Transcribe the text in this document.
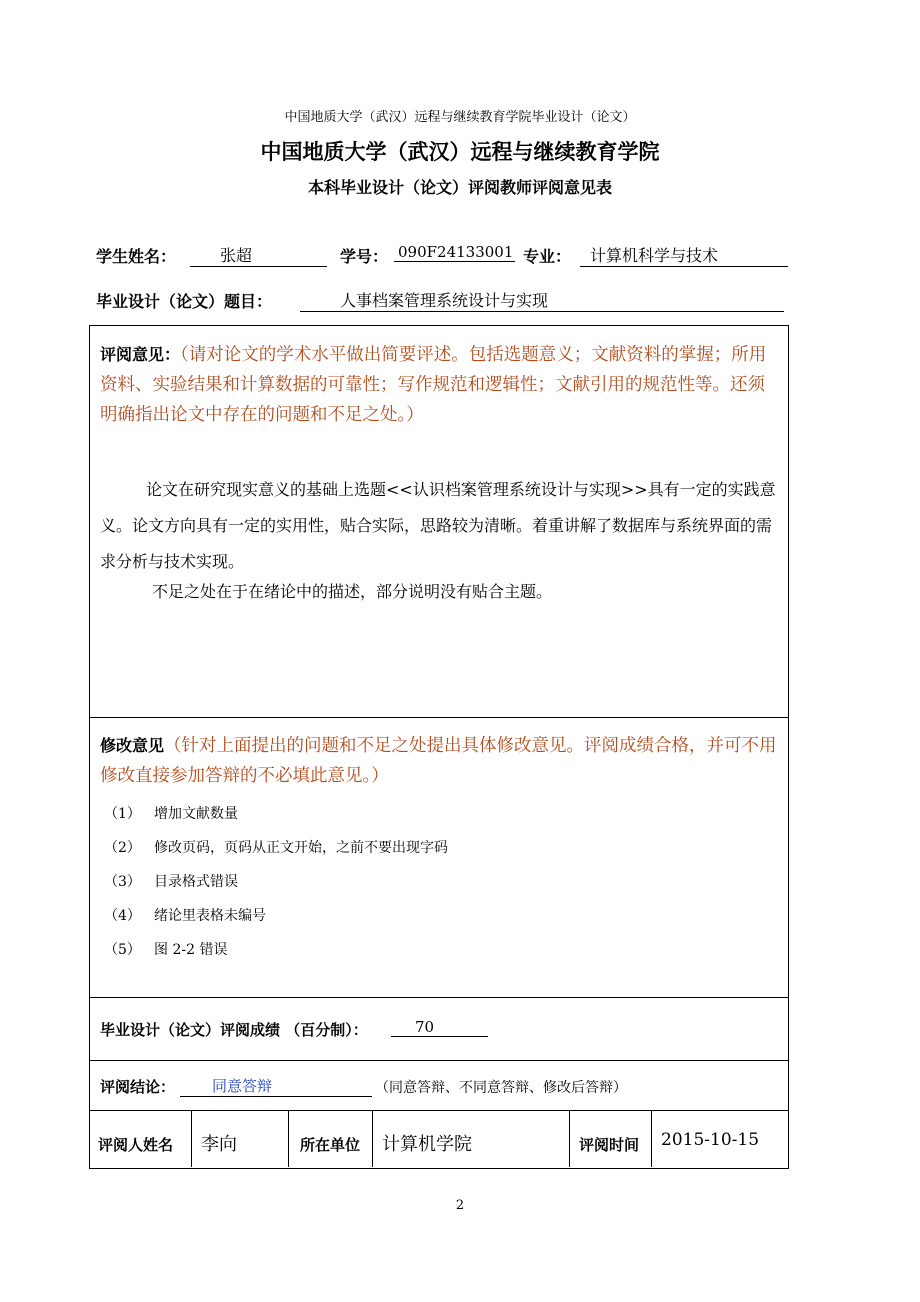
中国地质大学（武汉）远程与继续教育学院毕业设计（论文）
中国地质大学（武汉）远程与继续教育学院
本科毕业设计（论文）评阅教师评阅意见表
学生姓名：	张超	学号： 090F24133001 专业：	计算机科学与技术
毕业设计（论文）题目：	人事档案管理系统设计与实现
评阅意见：（请对论文的学术水平做出简要评述。包括选题意义；文献资料的掌握；所用资料、实验结果和计算数据的可靠性；写作规范和逻辑性；文献引用的规范性等。还须明确指出论文中存在的问题和不足之处。）
论文在研究现实意义的基础上选题<<认识档案管理系统设计与实现>>具有一定的实践意义。论文方向具有一定的实用性，贴合实际，思路较为清晰。着重讲解了数据库与系统界面的需求分析与技术实现。
不足之处在于在绪论中的描述，部分说明没有贴合主题。
修改意见（针对上面提出的问题和不足之处提出具体修改意见。评阅成绩合格，并可不用修改直接参加答辩的不必填此意见。）
（1） 增加文献数量
（2） 修改页码，页码从正文开始，之前不要出现字码
（3） 目录格式错误
（4） 绪论里表格未编号
（5） 图 2-2 错误
毕业设计（论文）评阅成绩 （百分制）：	70
评阅结论：	同意答辩	（同意答辩、不同意答辩、修改后答辩）
评阅人姓名 李向	所在单位 计算机学院	评阅时间 2015-10-15
2
